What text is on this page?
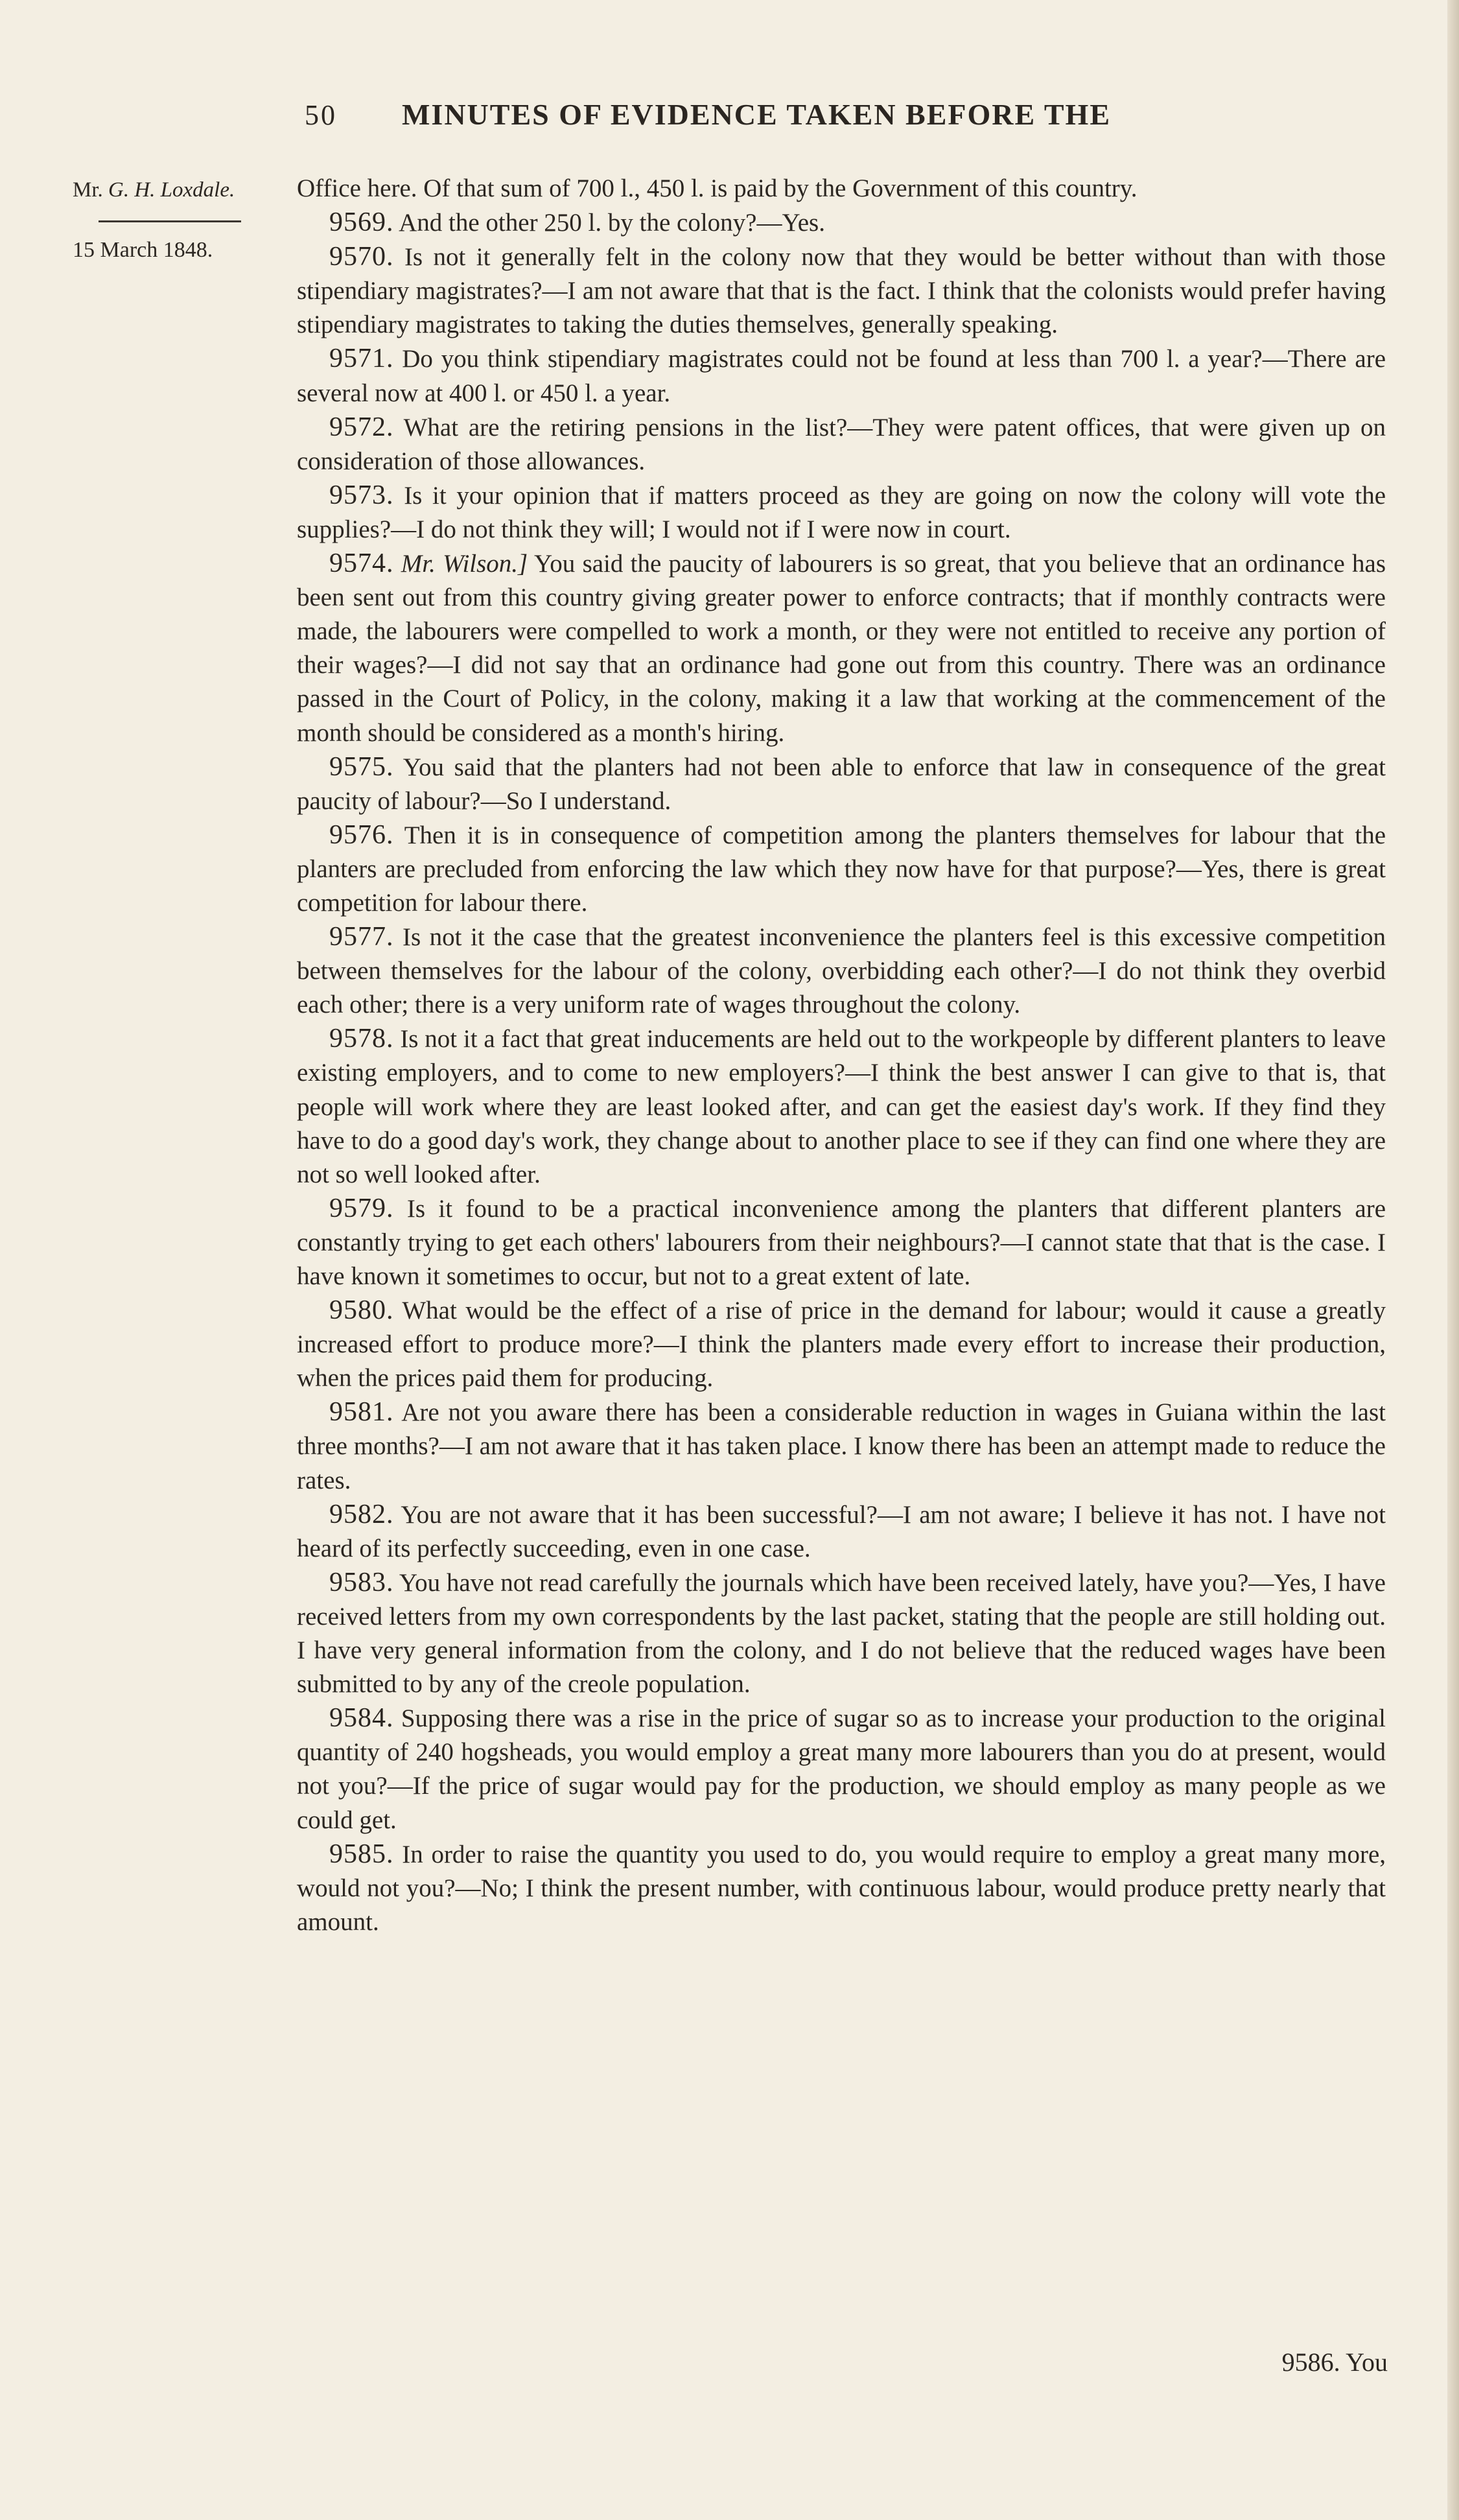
50	MINUTES OF EVIDENCE TAKEN BEFORE THE

Mr. G. H. Loxdale.

15 March 1848.

Office here. Of that sum of 700 l., 450 l. is paid by the Government of this country.

9569. And the other 250 l. by the colony?—Yes.

9570. Is not it generally felt in the colony now that they would be better without than with those stipendiary magistrates?—I am not aware that that is the fact. I think that the colonists would prefer having stipendiary magistrates to taking the duties themselves, generally speaking.

9571. Do you think stipendiary magistrates could not be found at less than 700 l. a year?—There are several now at 400 l. or 450 l. a year.

9572. What are the retiring pensions in the list?—They were patent offices, that were given up on consideration of those allowances.

9573. Is it your opinion that if matters proceed as they are going on now the colony will vote the supplies?—I do not think they will; I would not if I were now in court.

9574. Mr. Wilson.] You said the paucity of labourers is so great, that you believe that an ordinance has been sent out from this country giving greater power to enforce contracts; that if monthly contracts were made, the labourers were compelled to work a month, or they were not entitled to receive any portion of their wages?—I did not say that an ordinance had gone out from this country. There was an ordinance passed in the Court of Policy, in the colony, making it a law that working at the commencement of the month should be considered as a month's hiring.

9575. You said that the planters had not been able to enforce that law in consequence of the great paucity of labour?—So I understand.

9576. Then it is in consequence of competition among the planters themselves for labour that the planters are precluded from enforcing the law which they now have for that purpose?—Yes, there is great competition for labour there.

9577. Is not it the case that the greatest inconvenience the planters feel is this excessive competition between themselves for the labour of the colony, overbidding each other?—I do not think they overbid each other; there is a very uniform rate of wages throughout the colony.

9578. Is not it a fact that great inducements are held out to the workpeople by different planters to leave existing employers, and to come to new employers?—I think the best answer I can give to that is, that people will work where they are least looked after, and can get the easiest day's work. If they find they have to do a good day's work, they change about to another place to see if they can find one where they are not so well looked after.

9579. Is it found to be a practical inconvenience among the planters that different planters are constantly trying to get each others' labourers from their neighbours?—I cannot state that that is the case. I have known it sometimes to occur, but not to a great extent of late.

9580. What would be the effect of a rise of price in the demand for labour; would it cause a greatly increased effort to produce more?—I think the planters made every effort to increase their production, when the prices paid them for producing.

9581. Are not you aware there has been a considerable reduction in wages in Guiana within the last three months?—I am not aware that it has taken place. I know there has been an attempt made to reduce the rates.

9582. You are not aware that it has been successful?—I am not aware; I believe it has not. I have not heard of its perfectly succeeding, even in one case.

9583. You have not read carefully the journals which have been received lately, have you?—Yes, I have received letters from my own correspondents by the last packet, stating that the people are still holding out. I have very general information from the colony, and I do not believe that the reduced wages have been submitted to by any of the creole population.

9584. Supposing there was a rise in the price of sugar so as to increase your production to the original quantity of 240 hogsheads, you would employ a great many more labourers than you do at present, would not you?—If the price of sugar would pay for the production, we should employ as many people as we could get.

9585. In order to raise the quantity you used to do, you would require to employ a great many more, would not you?—No; I think the present number, with continuous labour, would produce pretty nearly that amount.

9586. You
